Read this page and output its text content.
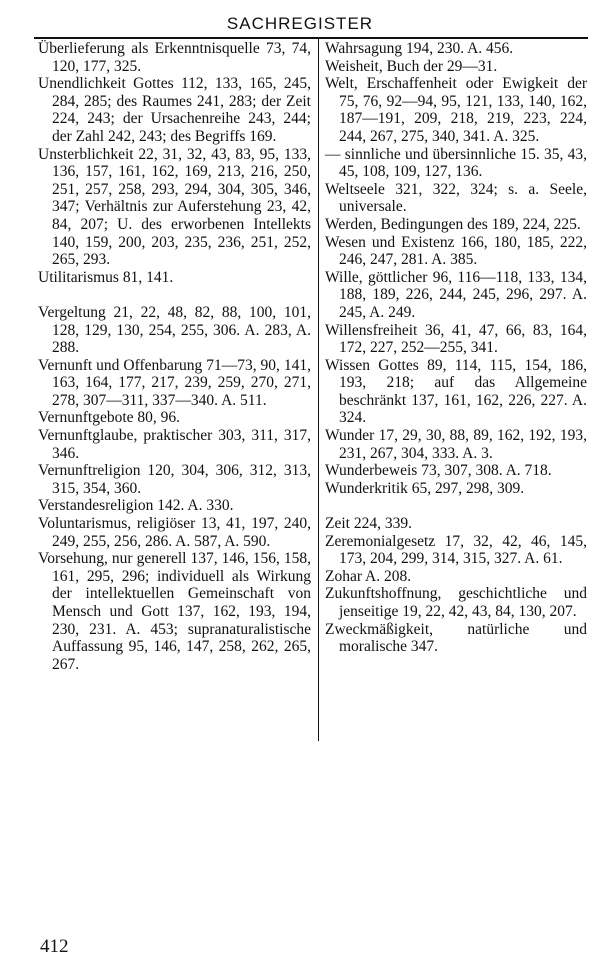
SACHREGISTER
Überlieferung als Erkenntnisquelle 73, 74, 120, 177, 325.
Unendlichkeit Gottes 112, 133, 165, 245, 284, 285; des Raumes 241, 283; der Zeit 224, 243; der Ursachenreihe 243, 244; der Zahl 242, 243; des Begriffs 169.
Unsterblichkeit 22, 31, 32, 43, 83, 95, 133, 136, 157, 161, 162, 169, 213, 216, 250, 251, 257, 258, 293, 294, 304, 305, 346, 347; Verhältnis zur Auferstehung 23, 42, 84, 207; U. des erworbenen Intellekts 140, 159, 200, 203, 235, 236, 251, 252, 265, 293.
Utilitarismus 81, 141.
Vergeltung 21, 22, 48, 82, 88, 100, 101, 128, 129, 130, 254, 255, 306. A. 283, A. 288.
Vernunft und Offenbarung 71—73, 90, 141, 163, 164, 177, 217, 239, 259, 270, 271, 278, 307—311, 337—340. A. 511.
Vernunftgebote 80, 96.
Vernunftglaube, praktischer 303, 311, 317, 346.
Vernunftreligion 120, 304, 306, 312, 313, 315, 354, 360.
Verstandesreligion 142. A. 330.
Voluntarismus, religiöser 13, 41, 197, 240, 249, 255, 256, 286. A. 587, A. 590.
Vorsehung, nur generell 137, 146, 156, 158, 161, 295, 296; individuell als Wirkung der intellektuellen Gemeinschaft von Mensch und Gott 137, 162, 193, 194, 230, 231. A. 453; supranaturalistische Auffassung 95, 146, 147, 258, 262, 265, 267.
Wahrsagung 194, 230. A. 456.
Weisheit, Buch der 29—31.
Welt, Erschaffenheit oder Ewigkeit der 75, 76, 92—94, 95, 121, 133, 140, 162, 187—191, 209, 218, 219, 223, 224, 244, 267, 275, 340, 341. A. 325.
— sinnliche und übersinnliche 15. 35, 43, 45, 108, 109, 127, 136.
Weltseele 321, 322, 324; s. a. Seele, universale.
Werden, Bedingungen des 189, 224, 225.
Wesen und Existenz 166, 180, 185, 222, 246, 247, 281. A. 385.
Wille, göttlicher 96, 116—118, 133, 134, 188, 189, 226, 244, 245, 296, 297. A. 245, A. 249.
Willensfreiheit 36, 41, 47, 66, 83, 164, 172, 227, 252—255, 341.
Wissen Gottes 89, 114, 115, 154, 186, 193, 218; auf das Allgemeine beschränkt 137, 161, 162, 226, 227. A. 324.
Wunder 17, 29, 30, 88, 89, 162, 192, 193, 231, 267, 304, 333. A. 3.
Wunderbeweis 73, 307, 308. A. 718.
Wunderkritik 65, 297, 298, 309.
Zeit 224, 339.
Zeremonialgesetz 17, 32, 42, 46, 145, 173, 204, 299, 314, 315, 327. A. 61.
Zohar A. 208.
Zukunftshoffnung, geschichtliche und jenseitige 19, 22, 42, 43, 84, 130, 207.
Zweckmäßigkeit, natürliche und moralische 347.
412
